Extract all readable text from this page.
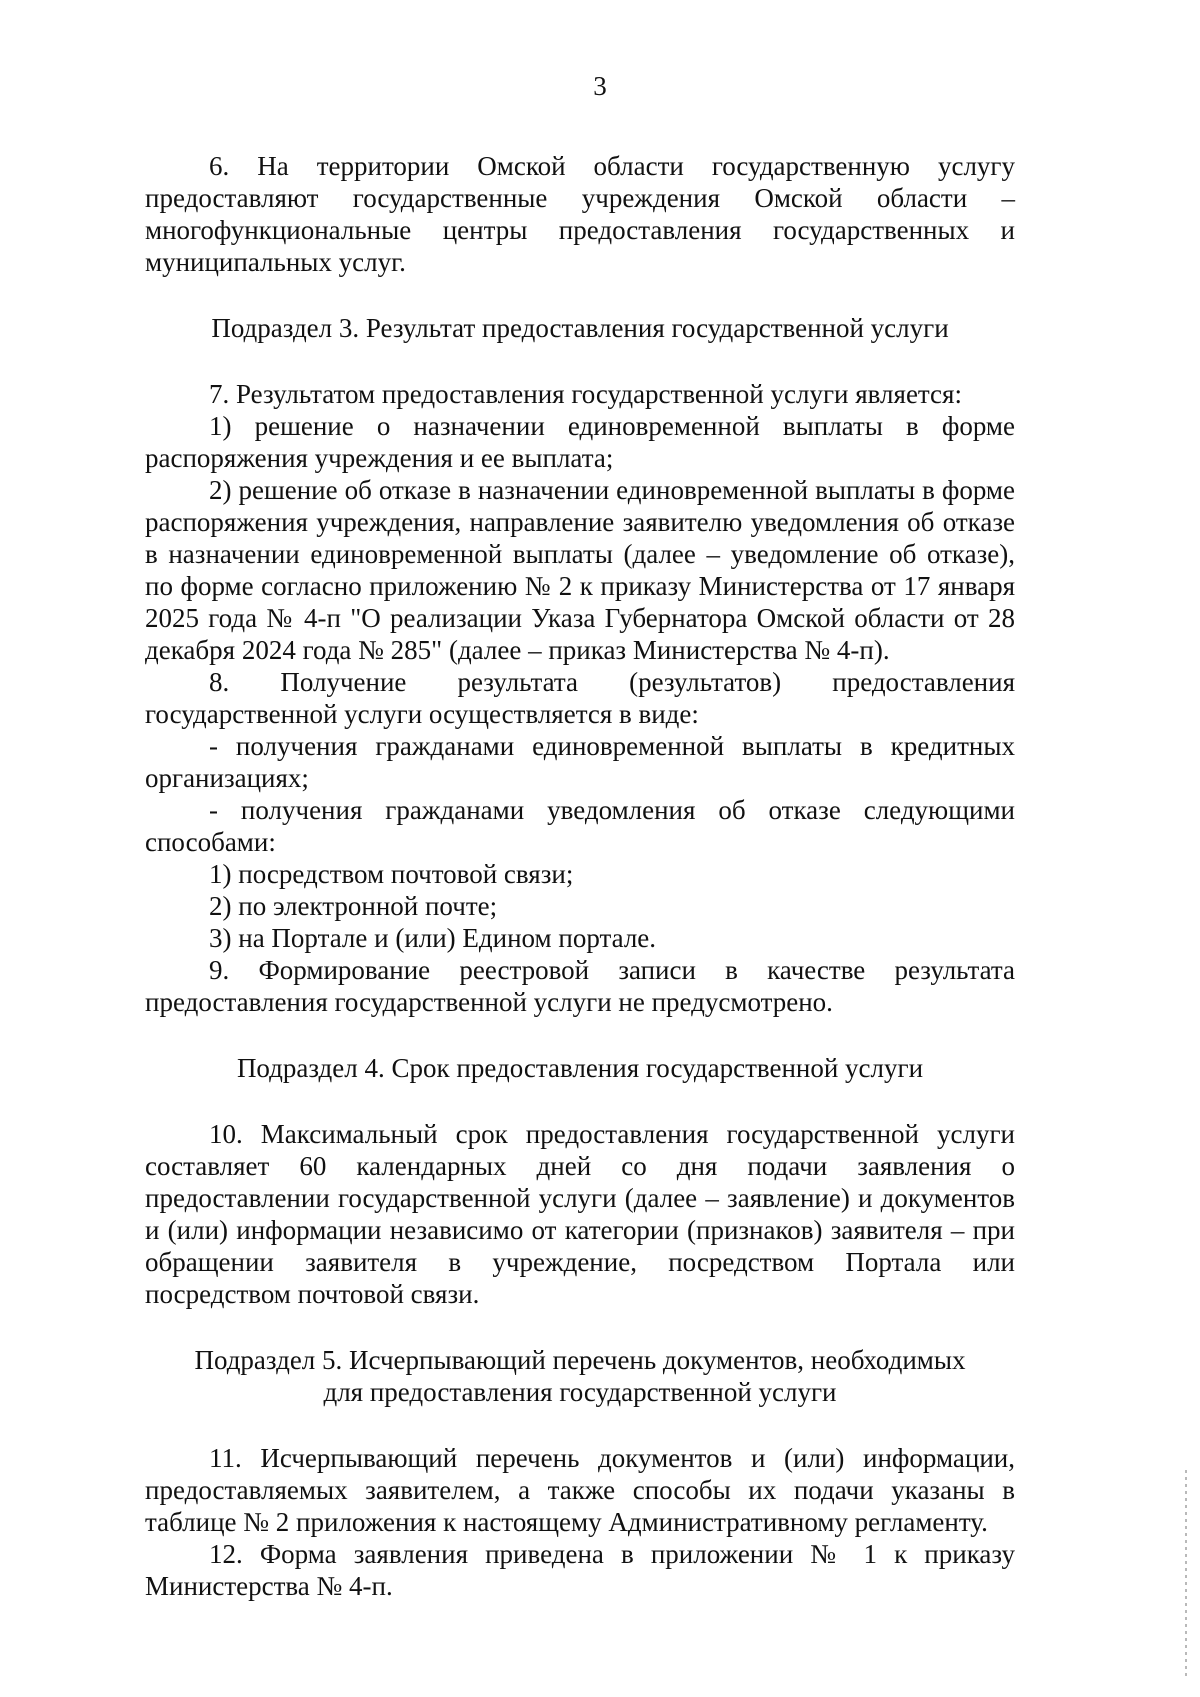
3

6. На территории Омской области государственную услугу предоставляют государственные учреждения Омской области – многофункциональные центры предоставления государственных и муниципальных услуг.

Подраздел 3. Результат предоставления государственной услуги

7. Результатом предоставления государственной услуги является:

1) решение о назначении единовременной выплаты в форме распоряжения учреждения и ее выплата;

2) решение об отказе в назначении единовременной выплаты в форме распоряжения учреждения, направление заявителю уведомления об отказе в назначении единовременной выплаты (далее – уведомление об отказе), по форме согласно приложению № 2 к приказу Министерства от 17 января 2025 года № 4-п "О реализации Указа Губернатора Омской области от 28 декабря 2024 года № 285" (далее – приказ Министерства № 4-п).

8. Получение результата (результатов) предоставления государственной услуги осуществляется в виде:

- получения гражданами единовременной выплаты в кредитных организациях;

- получения гражданами уведомления об отказе следующими способами:

1) посредством почтовой связи;

2) по электронной почте;

3) на Портале и (или) Едином портале.

9. Формирование реестровой записи в качестве результата предоставления государственной услуги не предусмотрено.

Подраздел 4. Срок предоставления государственной услуги

10. Максимальный срок предоставления государственной услуги составляет 60 календарных дней со дня подачи заявления о предоставлении государственной услуги (далее – заявление) и документов и (или) информации независимо от категории (признаков) заявителя – при обращении заявителя в учреждение, посредством Портала или посредством почтовой связи.

Подраздел 5. Исчерпывающий перечень документов, необходимых

для предоставления государственной услуги

11. Исчерпывающий перечень документов и (или) информации, предоставляемых заявителем, а также способы их подачи указаны в таблице № 2 приложения к настоящему Административному регламенту.

12. Форма заявления приведена в приложении № 1 к приказу Министерства № 4-п.
